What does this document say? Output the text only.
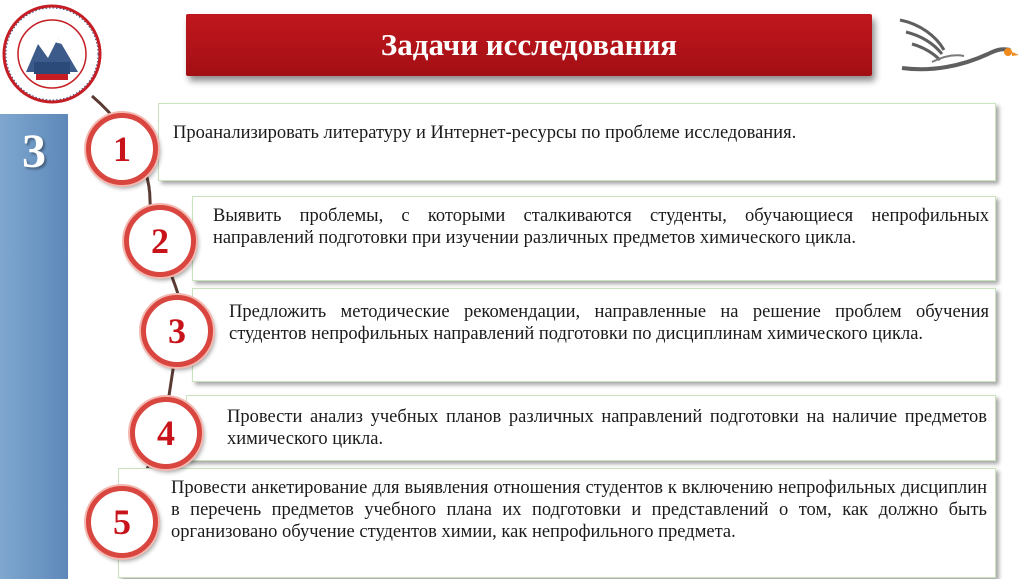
3
Задачи исследования
Проанализировать литературу и Интернет-ресурсы по проблеме исследования.
Выявить проблемы, с которыми сталкиваются студенты, обучающиеся непрофильных направлений подготовки при изучении различных предметов химического цикла.
Предложить методические рекомендации, направленные на решение проблем обучения студентов непрофильных направлений подготовки по дисциплинам химического цикла.
Провести анализ учебных планов различных направлений подготовки на наличие предметов химического цикла.
Провести анкетирование для выявления отношения студентов к включению непрофильных дисциплин в перечень предметов учебного плана их подготовки и представлений о том, как должно быть организовано обучение студентов химии, как непрофильного предмета.
1
2
3
4
5
